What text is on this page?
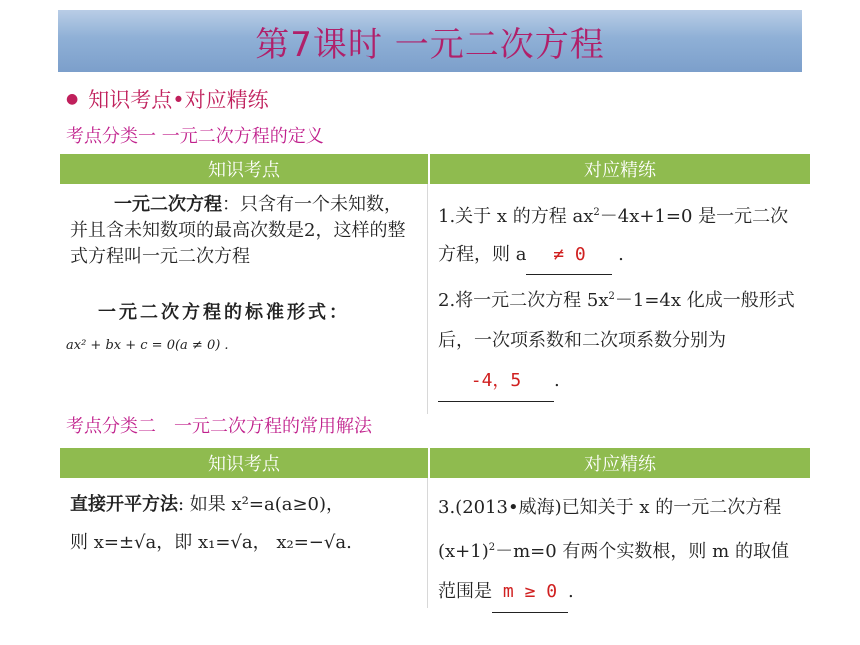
第7课时 一元二次方程
● 知识考点•对应精练
考点分类一 一元二次方程的定义
知识考点	对应精练
一元二次方程：只含有一个未知数，并且含未知数项的最高次数是2，这样的整式方程叫一元二次方程
一元二次方程的标准形式：
ax² + bx + c = 0(a ≠ 0) .
1.关于 x 的方程 $ax^2-4x+1=0$ 是一元二次方程，则 a ≠ 0 .
2.将一元二次方程 $5x^2-1=4x$ 化成一般形式后，一次项系数和二次项系数分别为-4，5 .
考点分类二　一元二次方程的常用解法
知识考点	对应精练
直接开平方法: 如果 x²=a(a≥0)，
则 x=±√a，即 x₁=√a， x₂=−√a.
3.(2013•威海)已知关于 x 的一元二次方程$(x+1)^2-m=0$ 有两个实数根，则 m 的取值范围是 m ≥ 0 .
